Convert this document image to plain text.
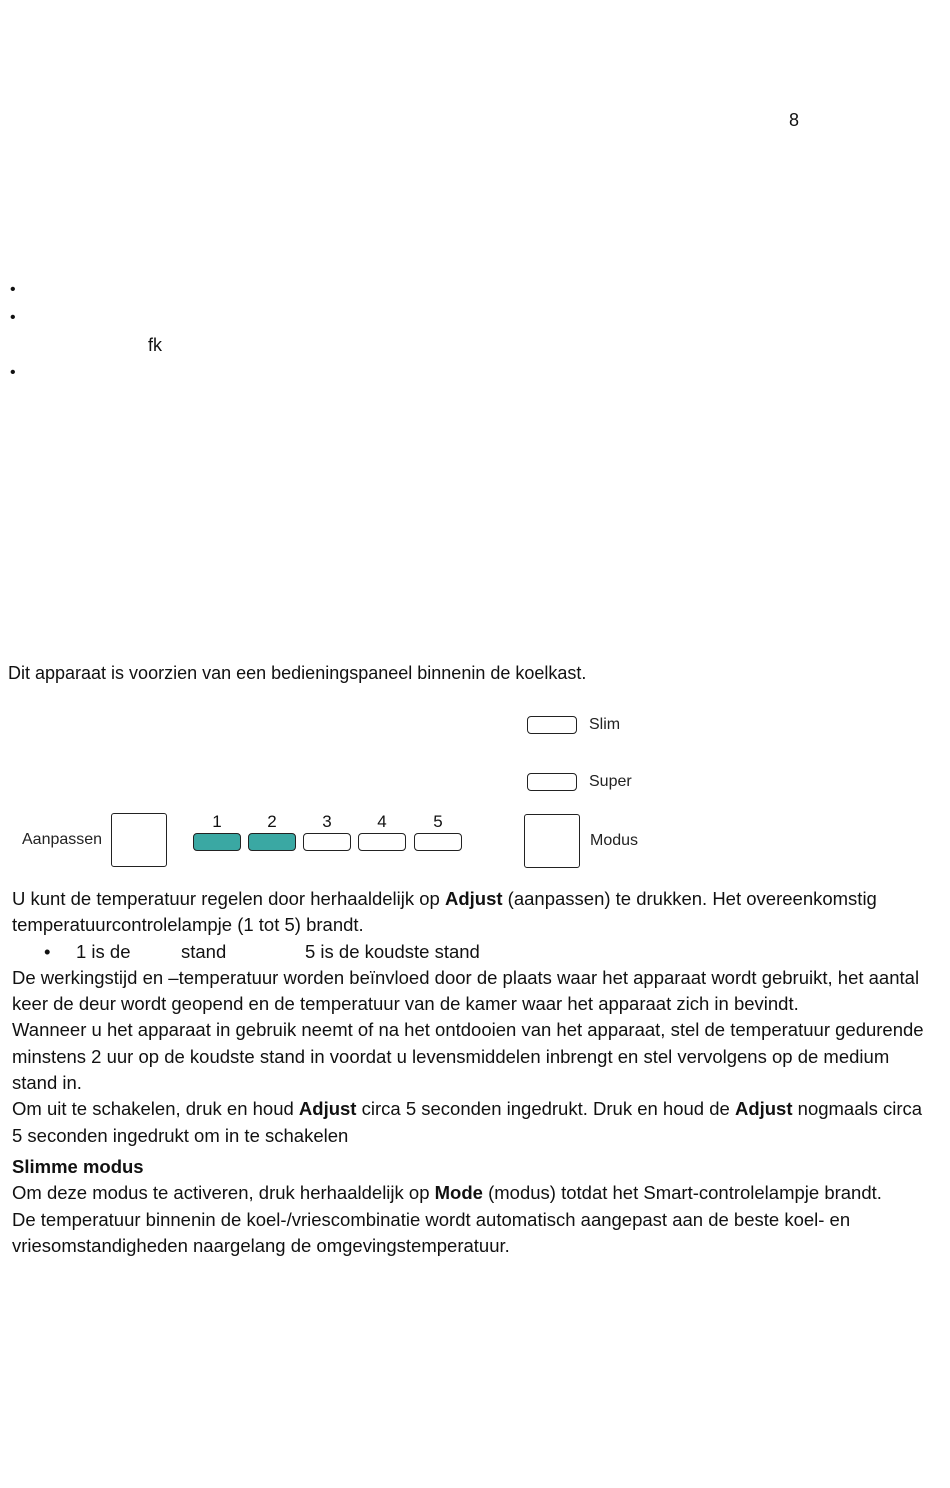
8
•
•
fk
•
Dit apparaat is voorzien van een bedieningspaneel binnenin de koelkast.
Slim
Super
Aanpassen
1	2	3	4	5
Modus

U kunt de temperatuur regelen door herhaaldelijk op Adjust (aanpassen) te drukken. Het overeenkomstig temperatuurcontrolelampje (1 tot 5) brandt.

• 1 is de	stand	5 is de koudste stand

De werkingstijd en –temperatuur worden beïnvloed door de plaats waar het apparaat wordt gebruikt, het aantal keer de deur wordt geopend en de temperatuur van de kamer waar het apparaat zich in bevindt.

Wanneer u het apparaat in gebruik neemt of na het ontdooien van het apparaat, stel de temperatuur gedurende minstens 2 uur op de koudste stand in voordat u levensmiddelen inbrengt en stel vervolgens op de medium stand in.

Om uit te schakelen, druk en houd Adjust circa 5 seconden ingedrukt. Druk en houd de Adjust nogmaals circa 5 seconden ingedrukt om in te schakelen

Slimme modus

Om deze modus te activeren, druk herhaaldelijk op Mode (modus) totdat het Smart-controlelampje brandt.

De temperatuur binnenin de koel-/vriescombinatie wordt automatisch aangepast aan de beste koel- en vriesomstandigheden naargelang de omgevingstemperatuur.
